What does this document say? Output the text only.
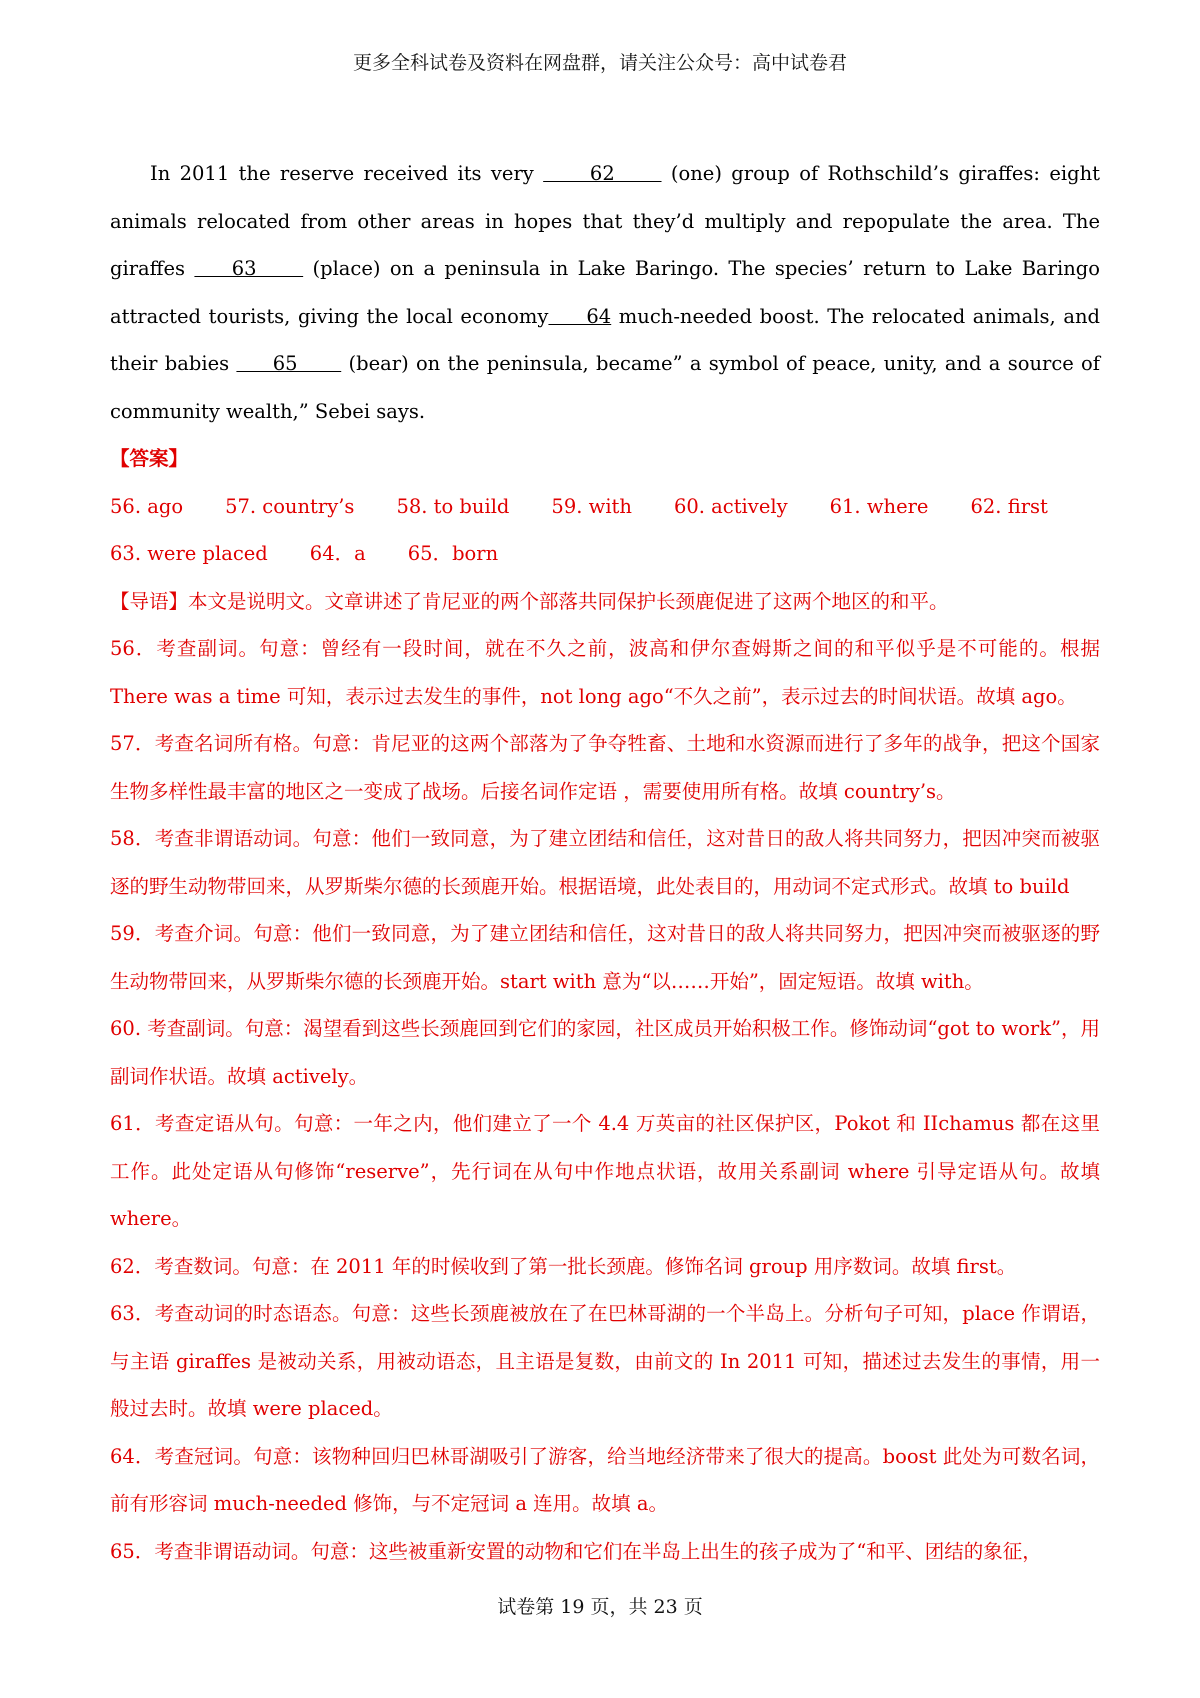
更多全科试卷及资料在网盘群，请关注公众号：高中试卷君

In 2011 the reserve received its very      62      (one) group of Rothschild’s giraffes: eight animals relocated from other areas in hopes that they’d multiply and repopulate the area. The giraffes     63      (place) on a peninsula in Lake Baringo. The species’ return to Lake Baringo attracted tourists, giving the local economy     64 much-needed boost. The relocated animals, and their babies      65       (bear) on the peninsula, became” a symbol of peace, unity, and a source of community wealth,” Sebei says.

【答案】

56. ago 57. country’s 58. to build 59. with 60. actively 61. where 62. first
63. were placed 64．a 65．born

【导语】本文是说明文。文章讲述了肯尼亚的两个部落共同保护长颈鹿促进了这两个地区的和平。

56．考查副词。句意：曾经有一段时间，就在不久之前，波高和伊尔查姆斯之间的和平似乎是不可能的。根据 There was a time 可知，表示过去发生的事件，not long ago“不久之前”，表示过去的时间状语。故填 ago。

57．考查名词所有格。句意：肯尼亚的这两个部落为了争夺牲畜、土地和水资源而进行了多年的战争，把这个国家生物多样性最丰富的地区之一变成了战场。后接名词作定语 ，需要使用所有格。故填 country’s。

58．考查非谓语动词。句意：他们一致同意，为了建立团结和信任，这对昔日的敌人将共同努力，把因冲突而被驱逐的野生动物带回来，从罗斯柴尔德的长颈鹿开始。根据语境，此处表目的，用动词不定式形式。故填 to build

59．考查介词。句意：他们一致同意，为了建立团结和信任，这对昔日的敌人将共同努力，把因冲突而被驱逐的野生动物带回来，从罗斯柴尔德的长颈鹿开始。start with 意为“以……开始”，固定短语。故填 with。

60. 考查副词。句意：渴望看到这些长颈鹿回到它们的家园，社区成员开始积极工作。修饰动词“got to work”，用副词作状语。故填 actively。

61．考查定语从句。句意：一年之内，他们建立了一个 4.4 万英亩的社区保护区，Pokot 和 IIchamus 都在这里工作。此处定语从句修饰“reserve”，先行词在从句中作地点状语，故用关系副词 where 引导定语从句。故填 where。

62．考查数词。句意：在 2011 年的时候收到了第一批长颈鹿。修饰名词 group 用序数词。故填 first。

63．考查动词的时态语态。句意：这些长颈鹿被放在了在巴林哥湖的一个半岛上。分析句子可知，place 作谓语，与主语 giraffes 是被动关系，用被动语态，且主语是复数，由前文的 In 2011 可知，描述过去发生的事情，用一般过去时。故填 were placed。

64．考查冠词。句意：该物种回归巴林哥湖吸引了游客，给当地经济带来了很大的提高。boost 此处为可数名词，前有形容词 much-needed 修饰，与不定冠词 a 连用。故填 a。

65．考查非谓语动词。句意：这些被重新安置的动物和它们在半岛上出生的孩子成为了“和平、团结的象征，

试卷第 19 页，共 23 页
